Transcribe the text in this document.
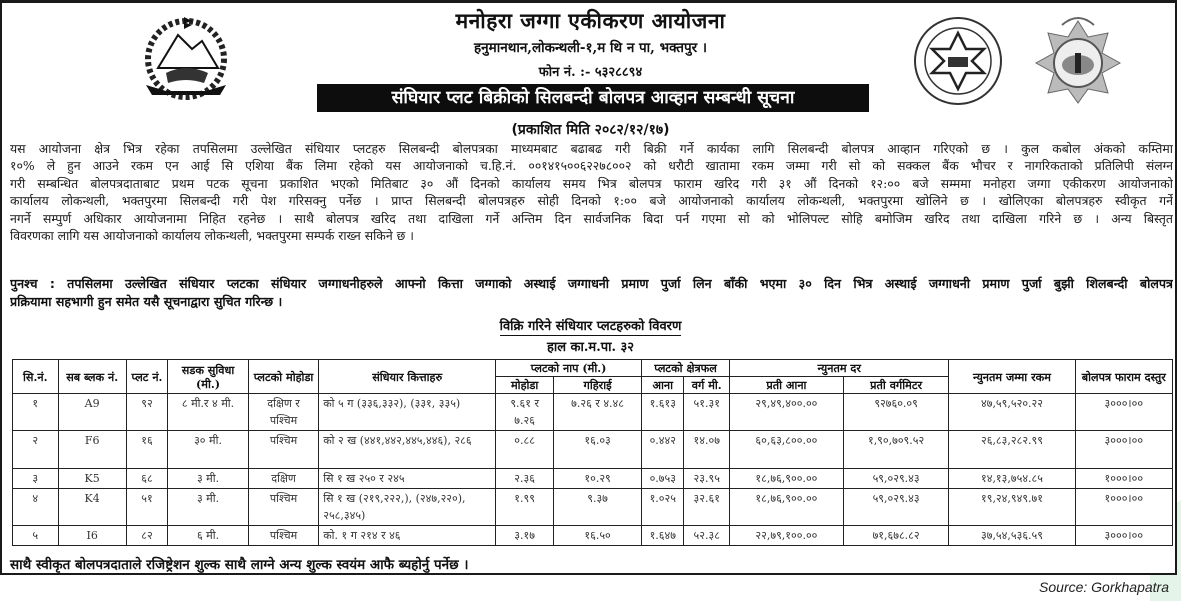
मनोहरा जग्गा एकीकरण आयोजना
हनुमानथान,लोकन्थली-१,म थि न पा, भक्तपुर ।
फोन नं. :- ५३२८८९४
संघियार प्लट बिक्रीको सिलबन्दी बोलपत्र आव्हान सम्बन्धी सूचना
(प्रकाशित मिति २०८२/१२/१७)
यस आयोजना क्षेत्र भित्र रहेका तपसिलमा उल्लेखित संधियार प्लटहरु सिलबन्दी बोलपत्रका माध्यमबाट बढाबढ गरी बिक्री गर्ने कार्यका लागि सिलबन्दी बोलपत्र आव्हान गरिएको छ । कुल कबोल अंकको कम्तिमा
१०% ले हुन आउने रकम एन आई सि एशिया बैंक लिमा रहेको यस आयोजनाको च.हि.नं. ००१४१५००६२२७८००२ को धरौटी खातामा रकम जम्मा गरी सो को सक्कल बैंक भौचर र नागरिकताको प्रतिलिपी संलग्न
गरी सम्बन्धित बोलपत्रदाताबाट प्रथम पटक सूचना प्रकाशित भएको मितिबाट ३० औं दिनको कार्यालय समय भित्र बोलपत्र फाराम खरिद गरी ३१ औं दिनको १२:०० बजे सम्ममा मनोहरा जग्गा एकीकरण आयोजनाको
कार्यालय लोकन्थली, भक्तपुरमा सिलबन्दी गरी पेश गरिसक्नु पर्नेछ । प्राप्त सिलबन्दी बोलपत्रहरु सोही दिनको १:०० बजे आयोजनाको कार्यालय लोकन्थली, भक्तपुरमा खोलिने छ । खोलिएका बोलपत्रहरु स्वीकृत गर्ने
नगर्ने सम्पुर्ण अधिकार आयोजनामा निहित रहनेछ । साथै बोलपत्र खरिद तथा दाखिला गर्ने अन्तिम दिन सार्वजनिक बिदा पर्न गएमा सो को भोलिपल्ट सोहि बमोजिम खरिद तथा दाखिला गरिने छ । अन्य बिस्तृत
विवरणका लागि यस आयोजनाको कार्यालय लोकन्थली, भक्तपुरमा सम्पर्क राख्न सकिने छ ।
पुनश्च : तपसिलमा उल्लेखित संधियार प्लटका संधियार जग्गाधनीहरुले आफ्नो कित्ता जग्गाको अस्थाई जग्गाधनी प्रमाण पुर्जा लिन बाँकी भएमा ३० दिन भित्र अस्थाई जग्गाधनी प्रमाण पुर्जा बुझी शिलबन्दी बोलपत्र
प्रक्रियामा सहभागी हुन समेत यसै सूचनाद्वारा सुचित गरिन्छ ।
विक्रि गरिने संधियार प्लटहरुको विवरण
हाल का.म.पा. ३२
सि.नं.	सब ब्लक नं.	प्लट नं.	सडक सुविधा (मी.)	प्लटको मोहोडा	संधियार कित्ताहरु	प्लटको नाप (मी.)		प्लटको क्षेत्रफल		न्युनतम दर		न्युनतम जम्मा रकम	बोलपत्र फाराम दस्तुर
						मोहोडा	गहिराई	आना	वर्ग मी.	प्रती आना	प्रती वर्गमिटर		
१	A9	९२	८ मी.र ४ मी.	दक्षिण र पश्चिम	को ५ ग (३३६,३३२), (३३१, ३३५)	९.६१ र ७.२६	७.२६ र ४.४८	१.६१३	५१.३१	२९,४९,४००.००	९२७६०.०९	४७,५९,५२०.२२	३०००।००
२	F6	१६	३० मी.	पश्चिम	को २ ख (४४१,४४२,४४५,४४६), २८६	०.८८	१६.०३	०.४४२	१४.०७	६०,६३,८००.००	१,९०,७०९.५२	२६,८३,२८२.९९	३०००।००
३	K5	६८	३ मी.	दक्षिण	सि १ ख २५० र २४५	२.३६	१०.२९	०.७५३	२३.९५	१८,७६,९००.००	५९,०२९.४३	१४,१३,७५४.८५	१०००।००
४	K4	५१	३ मी.	पश्चिम	सि १ ख (२१९,२२२,), (२४७,२२०), २५८,३४५)	१.९९	९.३७	१.०२५	३२.६१	१८,७६,९००.००	५९,०२९.४३	१९,२४,९४९.७१	१०००।००
५	I6	८२	६ मी.	पश्चिम	को. १ ग २१४ र ४६	३.१७	१६.५०	१.६४७	५२.३८	२२,७९,१००.००	७१,६७८.८२	३७,५४,५३६.५९	३०००।००
साथै स्वीकृत बोलपत्रदाताले रजिष्ट्रेशन शुल्क साथै लाग्ने अन्य शुल्क स्वयंम आफै ब्यहोर्नु पर्नेछ ।
Source: Gorkhapatra
